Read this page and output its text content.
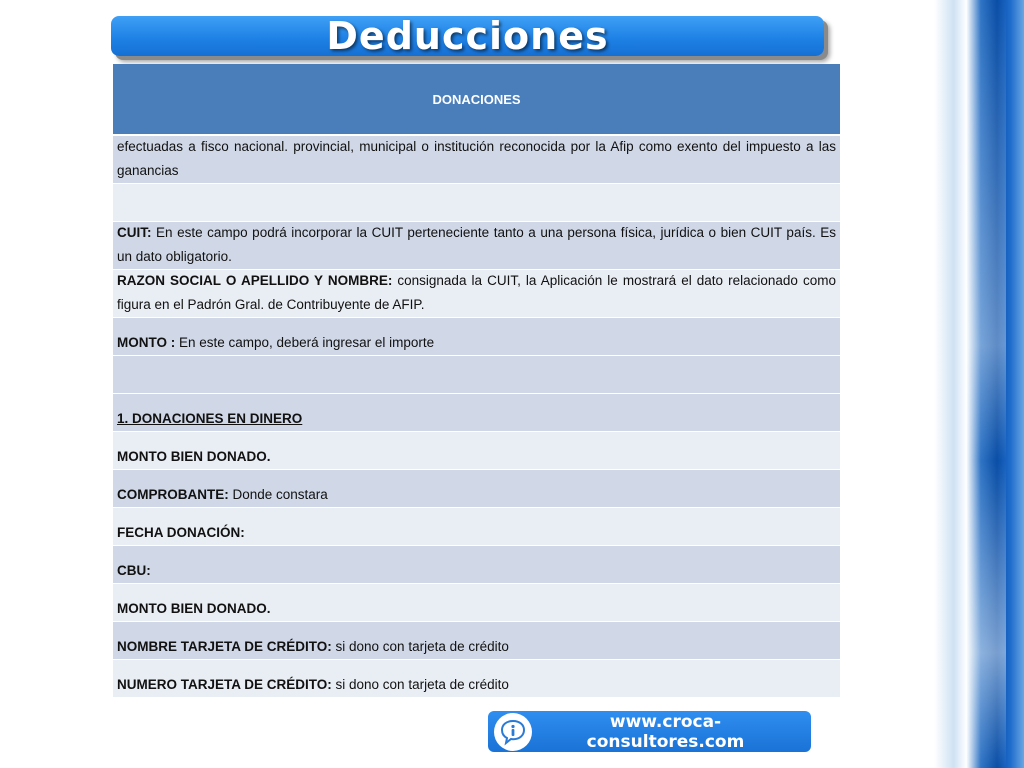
Deducciones
DONACIONES
efectuadas a fisco nacional. provincial, municipal o institución reconocida por la Afip como exento del impuesto a las ganancias
CUIT: En este campo podrá incorporar la CUIT perteneciente tanto a una persona física, jurídica o bien CUIT país. Es un dato obligatorio.
RAZON SOCIAL O APELLIDO Y NOMBRE: consignada la CUIT, la Aplicación le mostrará el dato relacionado como figura en el Padrón Gral. de Contribuyente de AFIP.
MONTO : En este campo, deberá ingresar el importe
1. DONACIONES EN DINERO
MONTO BIEN DONADO.
COMPROBANTE: Donde constara
FECHA DONACIÓN:
CBU:
MONTO BIEN DONADO.
NOMBRE TARJETA DE CRÉDITO: si dono con tarjeta de crédito
NUMERO TARJETA DE CRÉDITO: si dono con tarjeta de crédito
www.croca-consultores.com
